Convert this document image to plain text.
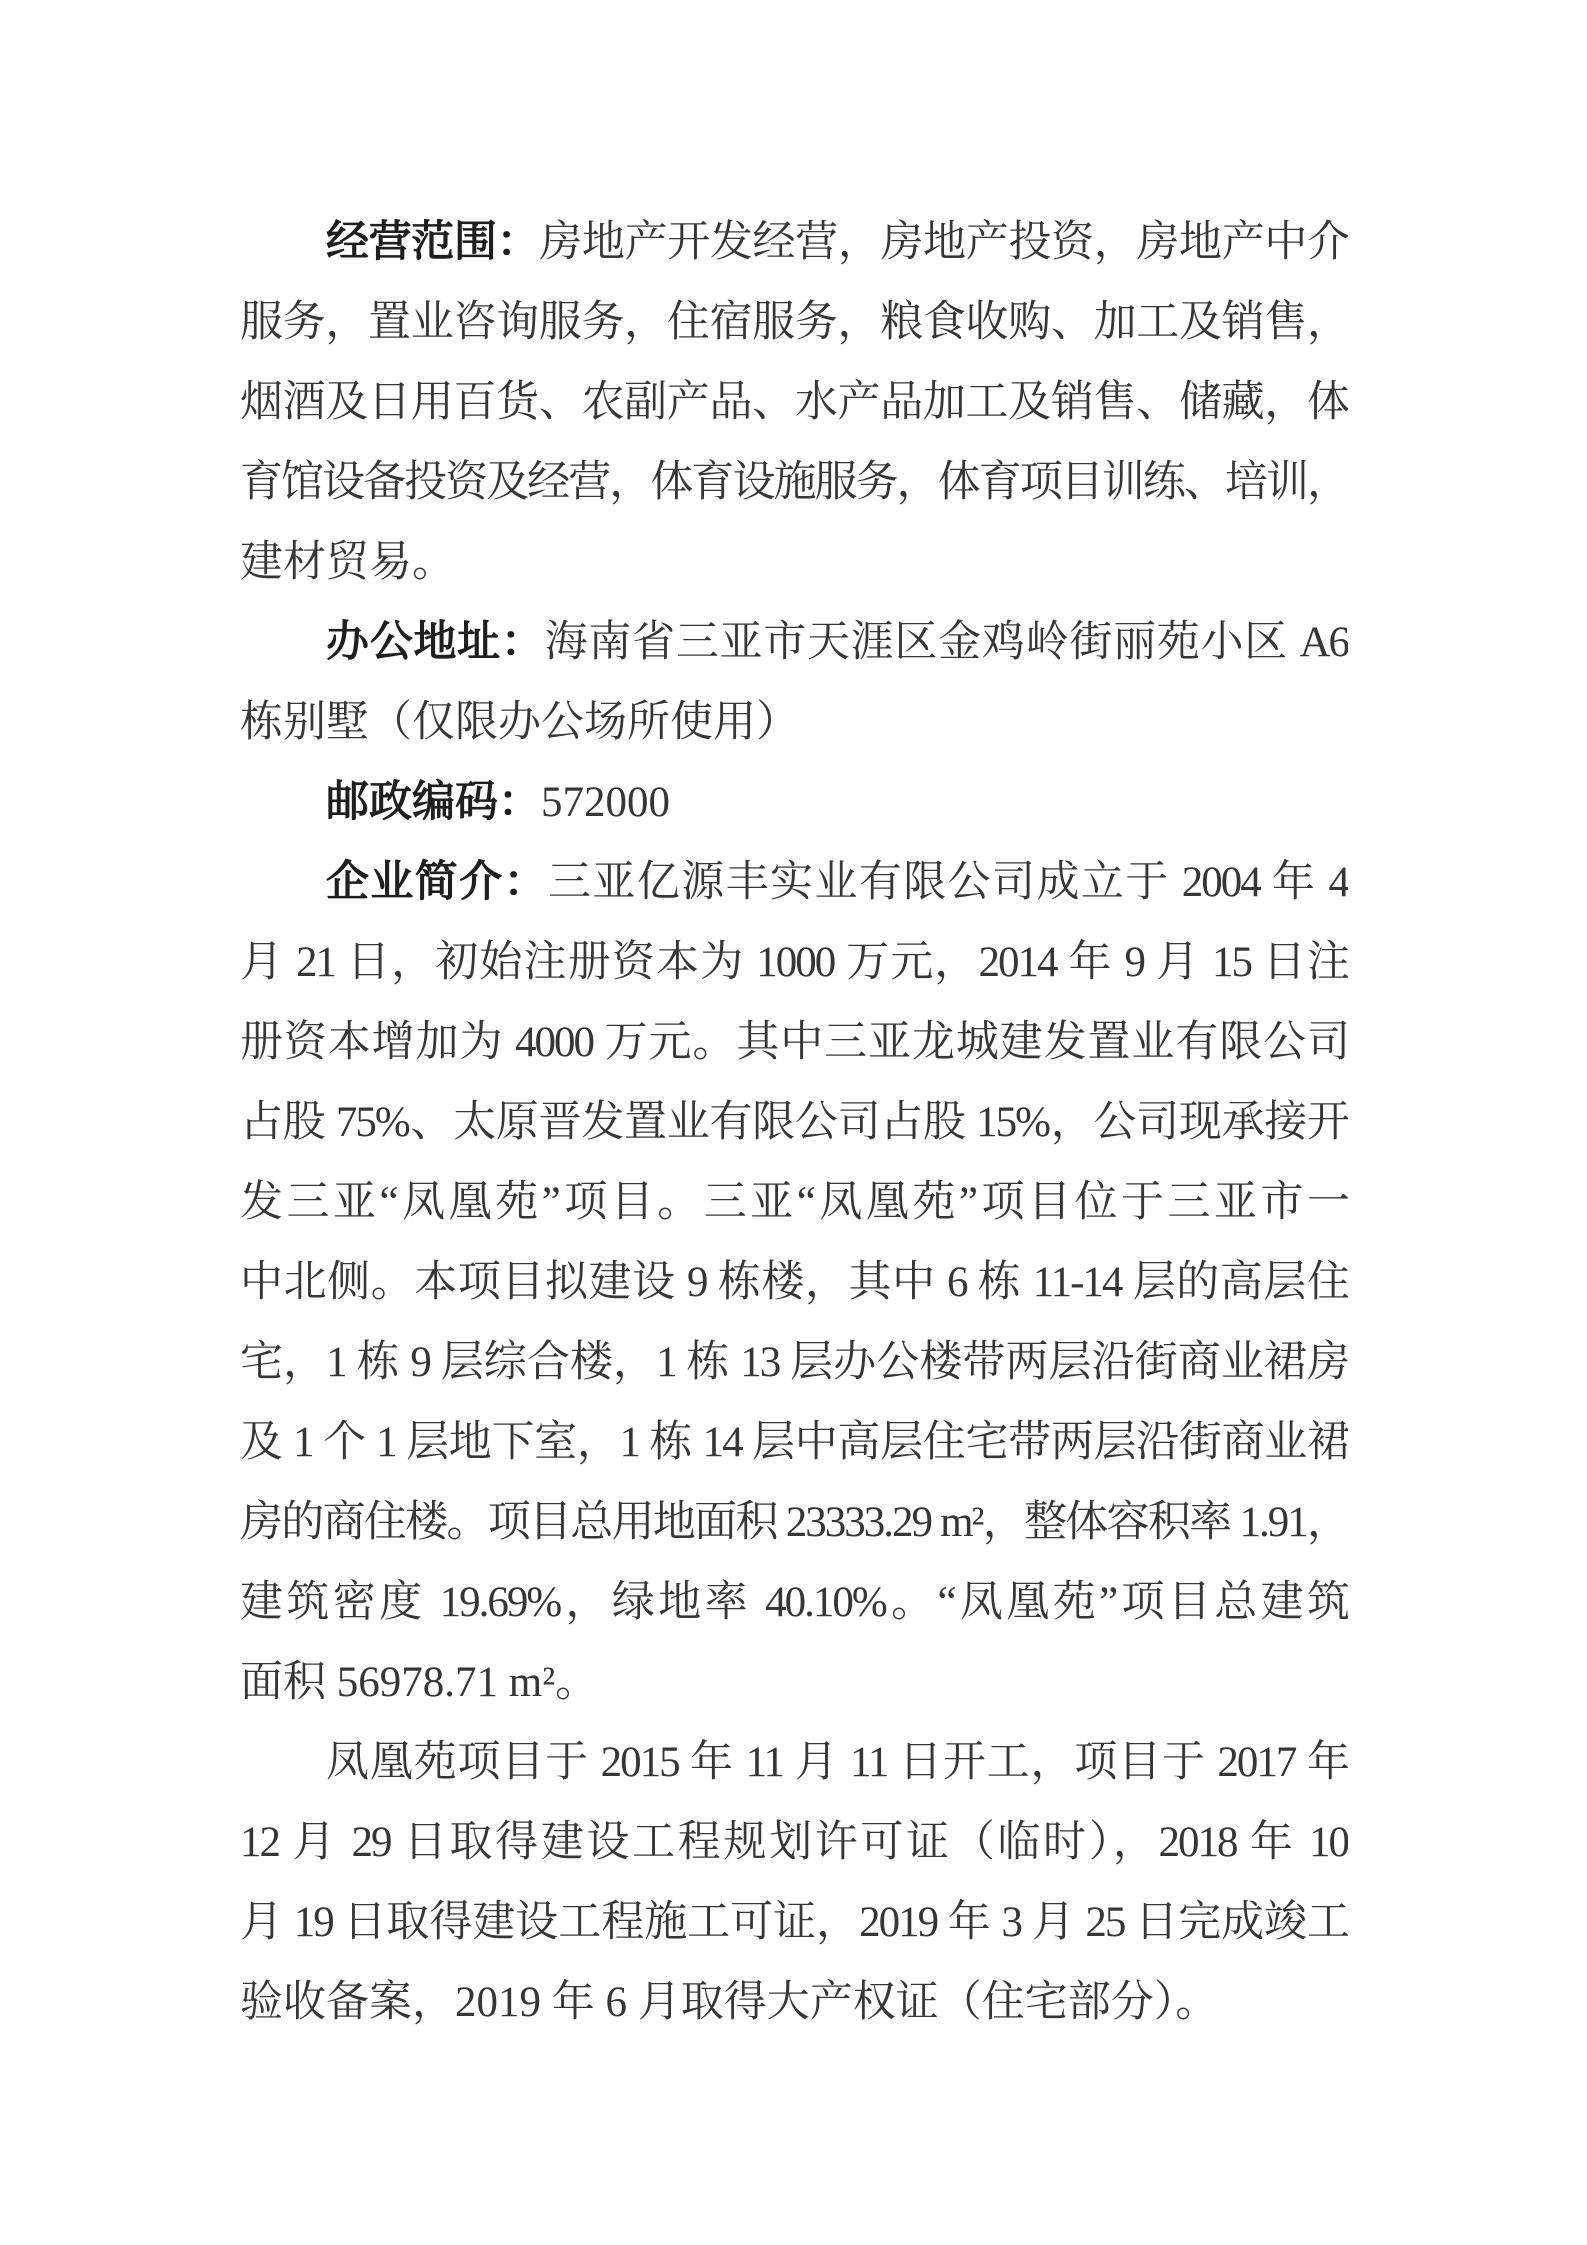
经营范围：房地产开发经营，房地产投资，房地产中介
服务，置业咨询服务，住宿服务，粮食收购、加工及销售，
烟酒及日用百货、农副产品、水产品加工及销售、储藏，体
育馆设备投资及经营，体育设施服务，体育项目训练、培训，
建材贸易。
办公地址：海南省三亚市天涯区金鸡岭街丽苑小区 A6
栋别墅（仅限办公场所使用）
邮政编码：572000
企业简介：三亚亿源丰实业有限公司成立于 2004 年 4
月 21 日，初始注册资本为 1000 万元，2014 年 9 月 15 日注
册资本增加为 4000 万元。其中三亚龙城建发置业有限公司
占股 75%、太原晋发置业有限公司占股 15%，公司现承接开
发三亚“凤凰苑”项目。三亚“凤凰苑”项目位于三亚市一
中北侧。本项目拟建设 9 栋楼，其中 6 栋 11-14 层的高层住
宅，1 栋 9 层综合楼，1 栋 13 层办公楼带两层沿街商业裙房
及 1 个 1 层地下室，1 栋 14 层中高层住宅带两层沿街商业裙
房的商住楼。项目总用地面积 23333.29 m²，整体容积率 1.91，
建筑密度 19.69%，绿地率 40.10%。“凤凰苑”项目总建筑
面积 56978.71 m²。
凤凰苑项目于 2015 年 11 月 11 日开工，项目于 2017 年
12 月 29 日取得建设工程规划许可证（临时），2018 年 10
月 19 日取得建设工程施工可证，2019 年 3 月 25 日完成竣工
验收备案，2019 年 6 月取得大产权证（住宅部分）。
